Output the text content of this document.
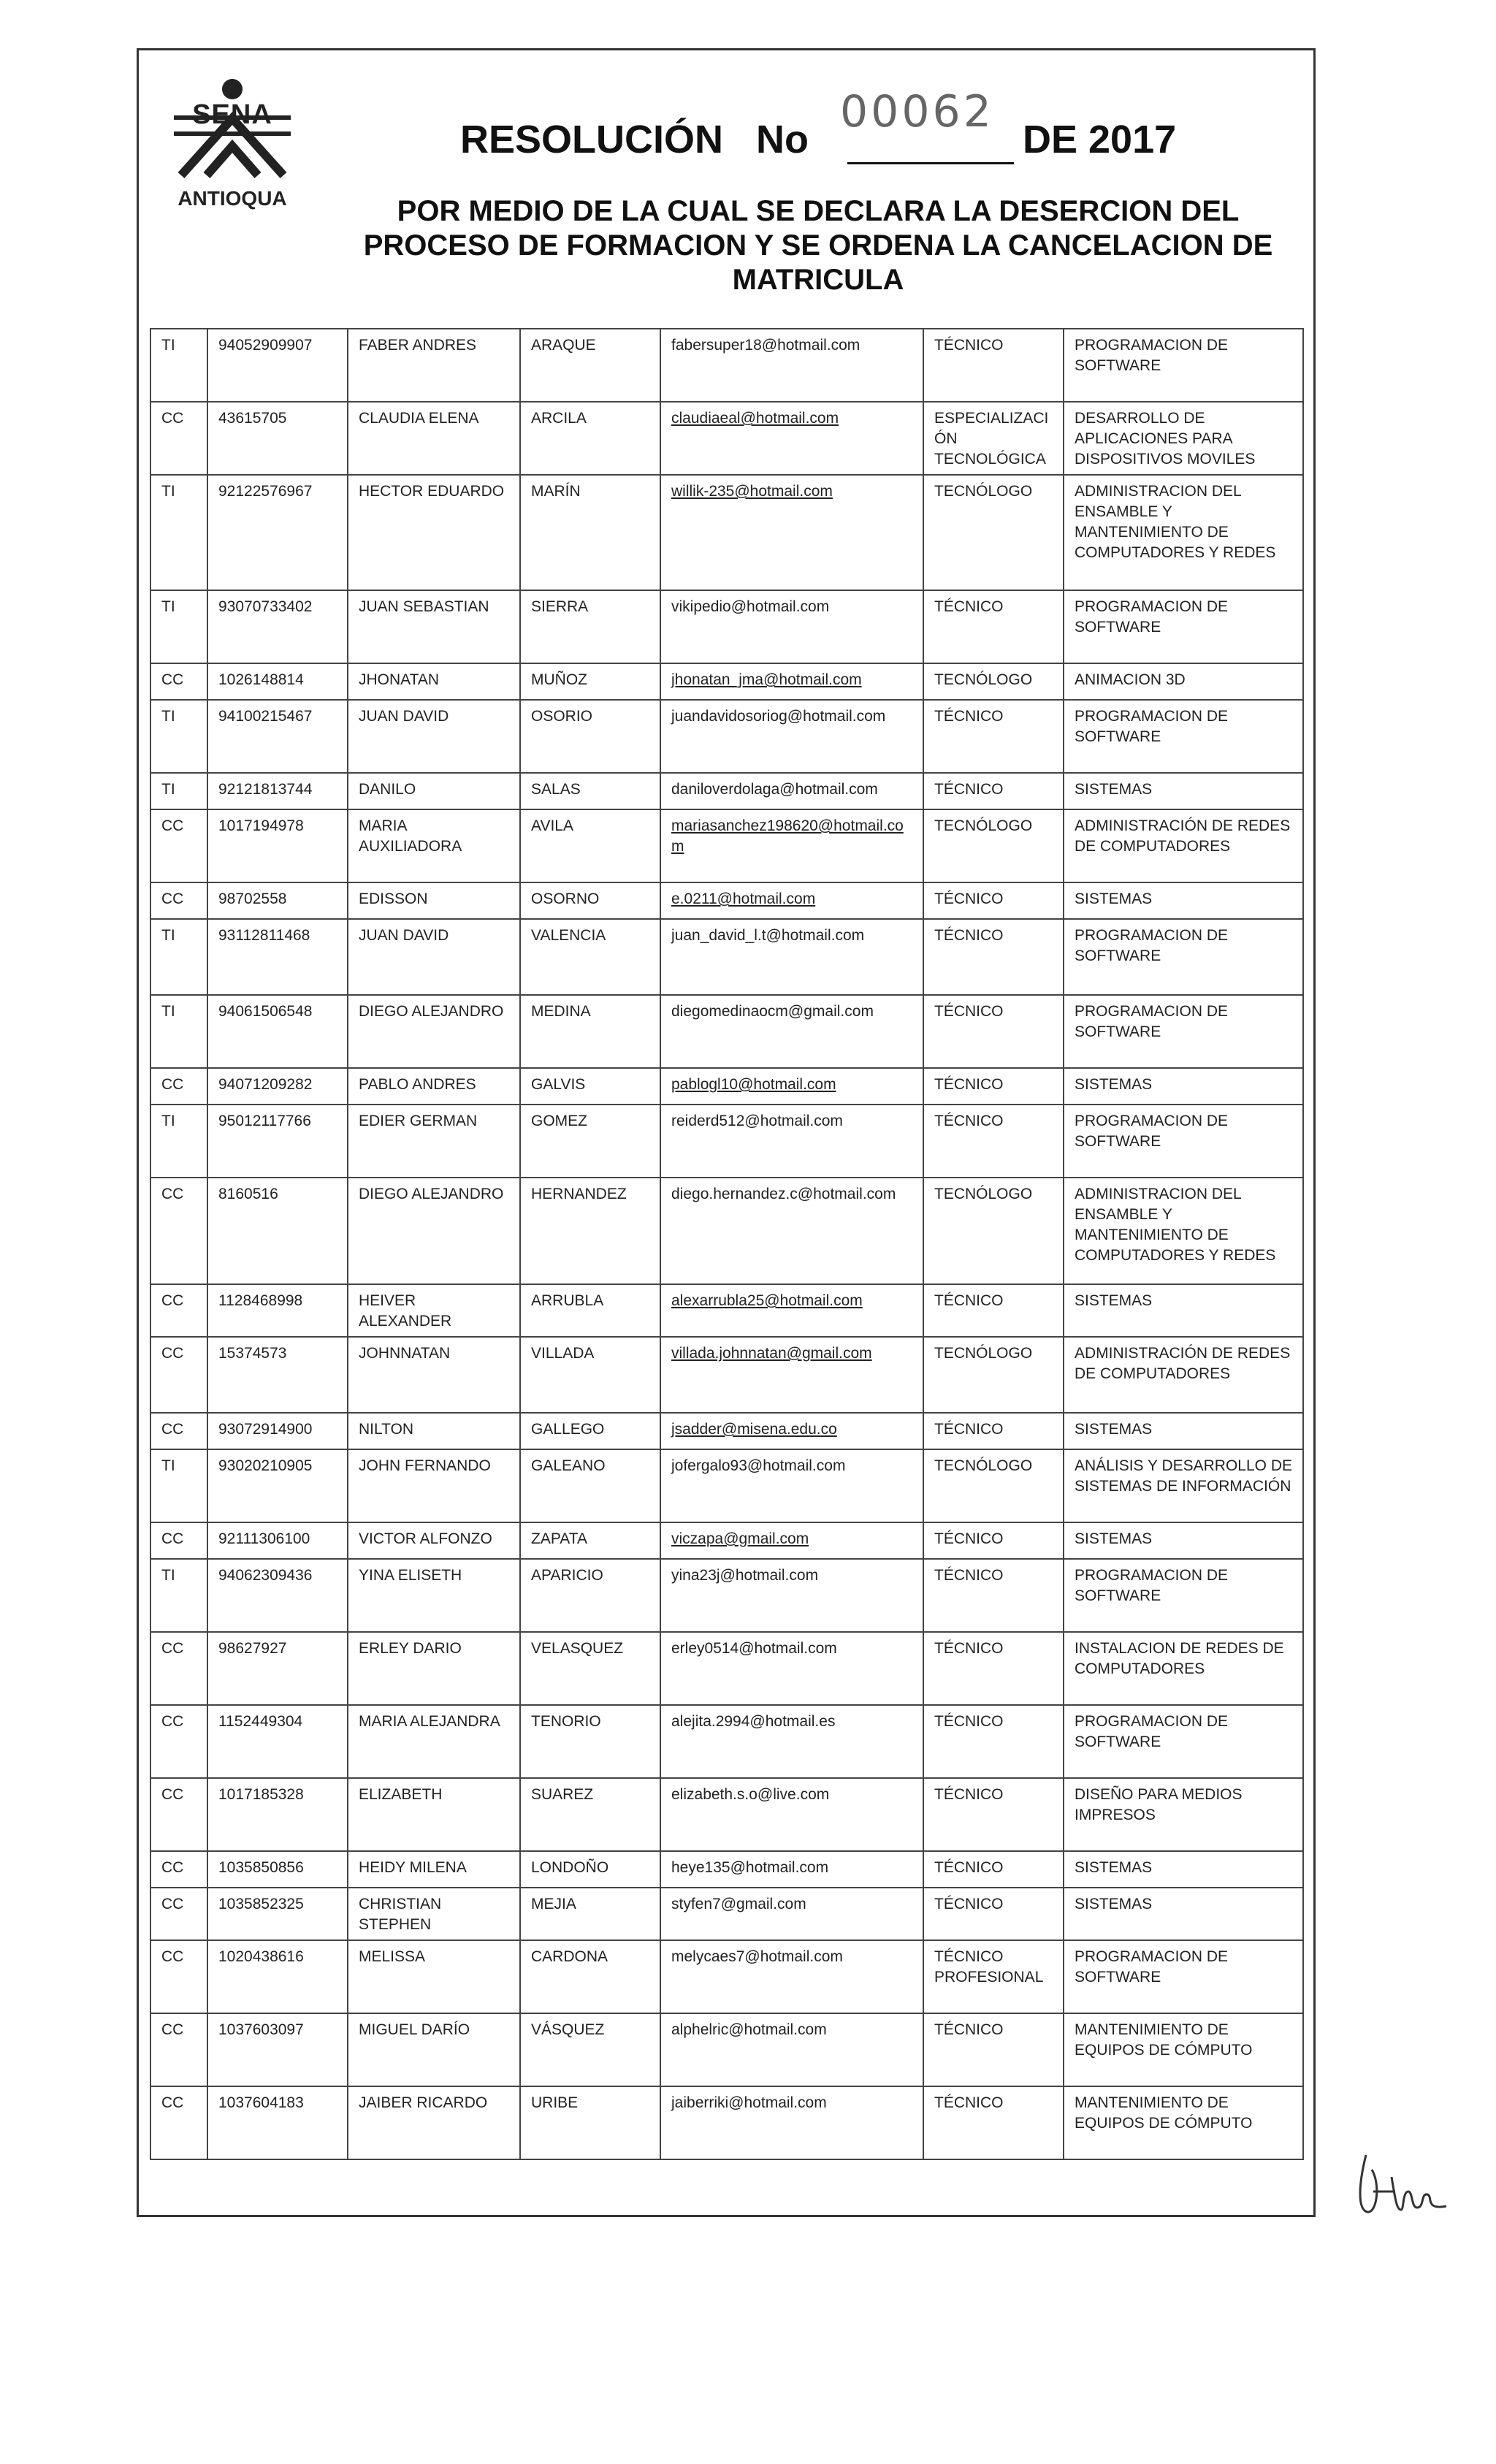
SENA
ANTIOQUA
RESOLUCIÓN No
00062
DE 2017
POR MEDIO DE LA CUAL SE DECLARA LA DESERCION DEL PROCESO DE FORMACION Y SE ORDENA LA CANCELACION DE MATRICULA
TI	94052909907	FABER ANDRES	ARAQUE	fabersuper18@hotmail.com	TÉCNICO	PROGRAMACION DE SOFTWARE
CC	43615705	CLAUDIA ELENA	ARCILA	claudiaeal@hotmail.com	ESPECIALIZACIÓN TECNOLÓGICA	DESARROLLO DE APLICACIONES PARA DISPOSITIVOS MOVILES
TI	92122576967	HECTOR EDUARDO	MARÍN	willik-235@hotmail.com	TECNÓLOGO	ADMINISTRACION DEL ENSAMBLE Y MANTENIMIENTO DE COMPUTADORES Y REDES
TI	93070733402	JUAN SEBASTIAN	SIERRA	vikipedio@hotmail.com	TÉCNICO	PROGRAMACION DE SOFTWARE
CC	1026148814	JHONATAN	MUÑOZ	jhonatan_jma@hotmail.com	TECNÓLOGO	ANIMACION 3D
TI	94100215467	JUAN DAVID	OSORIO	juandavidosoriog@hotmail.com	TÉCNICO	PROGRAMACION DE SOFTWARE
TI	92121813744	DANILO	SALAS	daniloverdolaga@hotmail.com	TÉCNICO	SISTEMAS
CC	1017194978	MARIA AUXILIADORA	AVILA	mariasanchez198620@hotmail.com	TECNÓLOGO	ADMINISTRACIÓN DE REDES DE COMPUTADORES
CC	98702558	EDISSON	OSORNO	e.0211@hotmail.com	TÉCNICO	SISTEMAS
TI	93112811468	JUAN DAVID	VALENCIA	juan_david_l.t@hotmail.com	TÉCNICO	PROGRAMACION DE SOFTWARE
TI	94061506548	DIEGO ALEJANDRO	MEDINA	diegomedinaocm@gmail.com	TÉCNICO	PROGRAMACION DE SOFTWARE
CC	94071209282	PABLO ANDRES	GALVIS	pablogl10@hotmail.com	TÉCNICO	SISTEMAS
TI	95012117766	EDIER GERMAN	GOMEZ	reiderd512@hotmail.com	TÉCNICO	PROGRAMACION DE SOFTWARE
CC	8160516	DIEGO ALEJANDRO	HERNANDEZ	diego.hernandez.c@hotmail.com	TECNÓLOGO	ADMINISTRACION DEL ENSAMBLE Y MANTENIMIENTO DE COMPUTADORES Y REDES
CC	1128468998	HEIVER ALEXANDER	ARRUBLA	alexarrubla25@hotmail.com	TÉCNICO	SISTEMAS
CC	15374573	JOHNNATAN	VILLADA	villada.johnnatan@gmail.com	TECNÓLOGO	ADMINISTRACIÓN DE REDES DE COMPUTADORES
CC	93072914900	NILTON	GALLEGO	jsadder@misena.edu.co	TÉCNICO	SISTEMAS
TI	93020210905	JOHN FERNANDO	GALEANO	jofergalo93@hotmail.com	TECNÓLOGO	ANÁLISIS Y DESARROLLO DE SISTEMAS DE INFORMACIÓN
CC	92111306100	VICTOR ALFONZO	ZAPATA	viczapa@gmail.com	TÉCNICO	SISTEMAS
TI	94062309436	YINA ELISETH	APARICIO	yina23j@hotmail.com	TÉCNICO	PROGRAMACION DE SOFTWARE
CC	98627927	ERLEY DARIO	VELASQUEZ	erley0514@hotmail.com	TÉCNICO	INSTALACION DE REDES DE COMPUTADORES
CC	1152449304	MARIA ALEJANDRA	TENORIO	alejita.2994@hotmail.es	TÉCNICO	PROGRAMACION DE SOFTWARE
CC	1017185328	ELIZABETH	SUAREZ	elizabeth.s.o@live.com	TÉCNICO	DISEÑO PARA MEDIOS IMPRESOS
CC	1035850856	HEIDY MILENA	LONDOÑO	heye135@hotmail.com	TÉCNICO	SISTEMAS
CC	1035852325	CHRISTIAN STEPHEN	MEJIA	styfen7@gmail.com	TÉCNICO	SISTEMAS
CC	1020438616	MELISSA	CARDONA	melycaes7@hotmail.com	TÉCNICO PROFESIONAL	PROGRAMACION DE SOFTWARE
CC	1037603097	MIGUEL DARÍO	VÁSQUEZ	alphelric@hotmail.com	TÉCNICO	MANTENIMIENTO DE EQUIPOS DE CÓMPUTO
CC	1037604183	JAIBER RICARDO	URIBE	jaiberriki@hotmail.com	TÉCNICO	MANTENIMIENTO DE EQUIPOS DE CÓMPUTO
